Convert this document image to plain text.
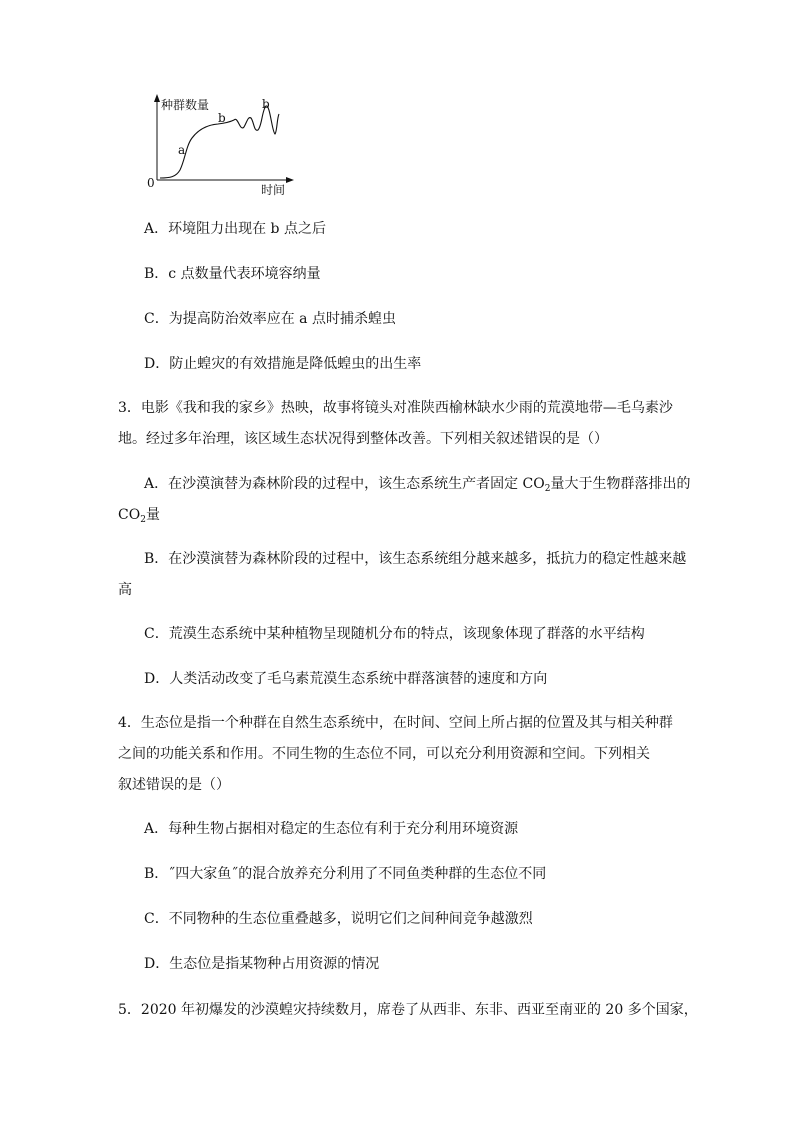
种群数量
时间
0
a
b
b
A．环境阻力出现在 b 点之后
B．c 点数量代表环境容纳量
C．为提高防治效率应在 a 点时捕杀蝗虫
D．防止蝗灾的有效措施是降低蝗虫的出生率
3．电影《我和我的家乡》热映，故事将镜头对准陕西榆林缺水少雨的荒漠地带—毛乌素沙
地。经过多年治理，该区域生态状况得到整体改善。下列相关叙述错误的是（）
A．在沙漠演替为森林阶段的过程中，该生态系统生产者固定 $CO_2$量大于生物群落排出的
$CO_2$量
B．在沙漠演替为森林阶段的过程中，该生态系统组分越来越多，抵抗力的稳定性越来越
高
C．荒漠生态系统中某种植物呈现随机分布的特点，该现象体现了群落的水平结构
D．人类活动改变了毛乌素荒漠生态系统中群落演替的速度和方向
4．生态位是指一个种群在自然生态系统中，在时间、空间上所占据的位置及其与相关种群
之间的功能关系和作用。不同生物的生态位不同，可以充分利用资源和空间。下列相关
叙述错误的是（）
A．每种生物占据相对稳定的生态位有利于充分利用环境资源
B．˝四大家鱼˝的混合放养充分利用了不同鱼类种群的生态位不同
C．不同物种的生态位重叠越多，说明它们之间种间竞争越激烈
D．生态位是指某物种占用资源的情况
5．2020 年初爆发的沙漠蝗灾持续数月，席卷了从西非、东非、西亚至南亚的 20 多个国家，
